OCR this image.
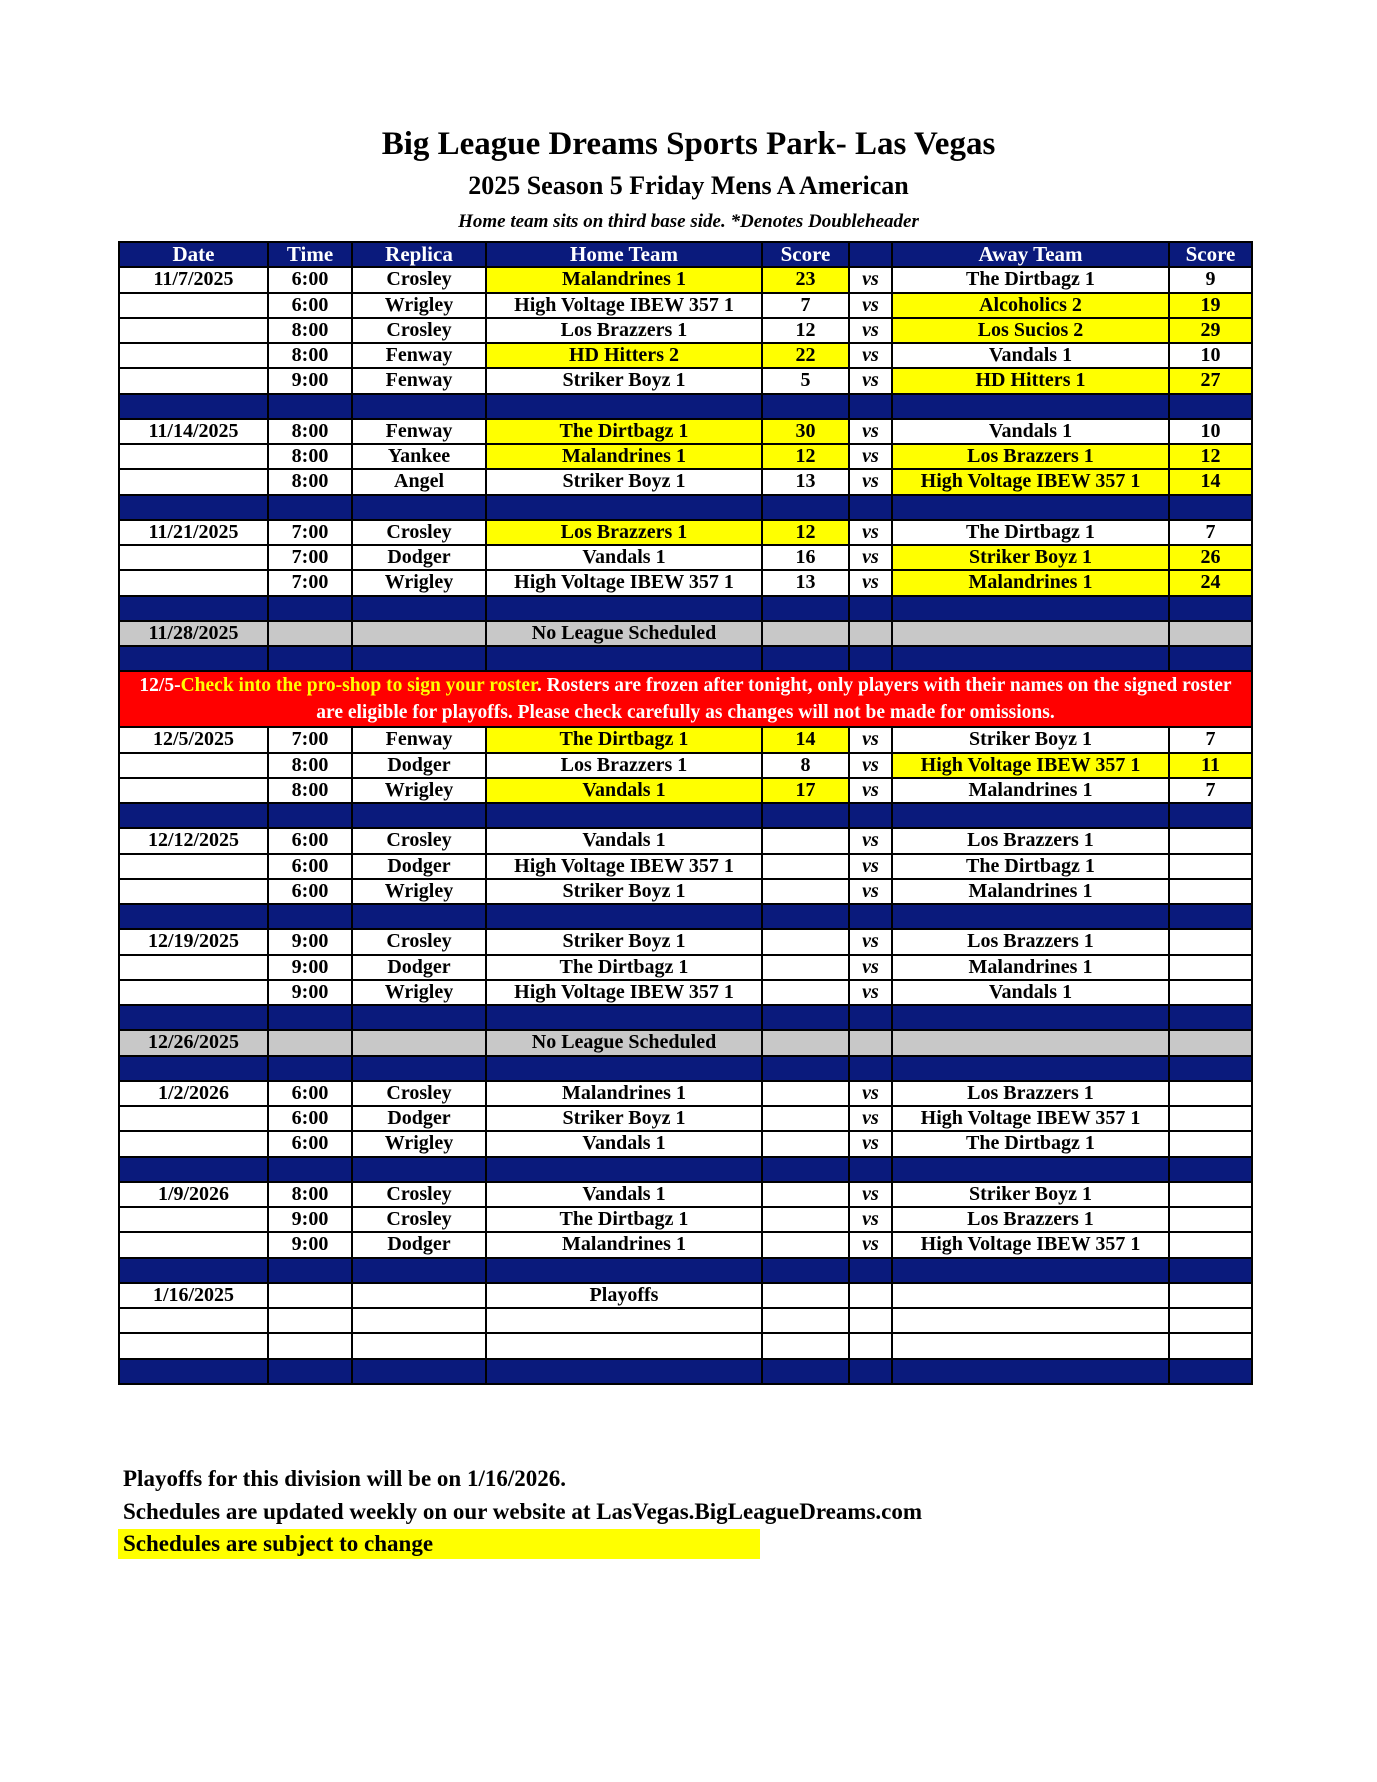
Big League Dreams Sports Park- Las Vegas
2025 Season 5 Friday Mens A American
Home team sits on third base side. *Denotes Doubleheader
Date	Time	Replica	Home Team	Score		Away Team	Score
11/7/2025	6:00	Crosley	Malandrines 1	23	vs	The Dirtbagz 1	9
	6:00	Wrigley	High Voltage IBEW 357 1	7	vs	Alcoholics 2	19
	8:00	Crosley	Los Brazzers 1	12	vs	Los Sucios 2	29
	8:00	Fenway	HD Hitters 2	22	vs	Vandals 1	10
	9:00	Fenway	Striker Boyz 1	5	vs	HD Hitters 1	27

11/14/2025	8:00	Fenway	The Dirtbagz 1	30	vs	Vandals 1	10
	8:00	Yankee	Malandrines 1	12	vs	Los Brazzers 1	12
	8:00	Angel	Striker Boyz 1	13	vs	High Voltage IBEW 357 1	14

11/21/2025	7:00	Crosley	Los Brazzers 1	12	vs	The Dirtbagz 1	7
	7:00	Dodger	Vandals 1	16	vs	Striker Boyz 1	26
	7:00	Wrigley	High Voltage IBEW 357 1	13	vs	Malandrines 1	24

11/28/2025			No League Scheduled				

12/5-Check into the pro-shop to sign your roster. Rosters are frozen after tonight, only players with their names on the signed roster are eligible for playoffs. Please check carefully as changes will not be made for omissions.							
12/5/2025	7:00	Fenway	The Dirtbagz 1	14	vs	Striker Boyz 1	7
	8:00	Dodger	Los Brazzers 1	8	vs	High Voltage IBEW 357 1	11
	8:00	Wrigley	Vandals 1	17	vs	Malandrines 1	7

12/12/2025	6:00	Crosley	Vandals 1		vs	Los Brazzers 1	
	6:00	Dodger	High Voltage IBEW 357 1		vs	The Dirtbagz 1	
	6:00	Wrigley	Striker Boyz 1		vs	Malandrines 1	

12/19/2025	9:00	Crosley	Striker Boyz 1		vs	Los Brazzers 1	
	9:00	Dodger	The Dirtbagz 1		vs	Malandrines 1	
	9:00	Wrigley	High Voltage IBEW 357 1		vs	Vandals 1	

12/26/2025			No League Scheduled				

1/2/2026	6:00	Crosley	Malandrines 1		vs	Los Brazzers 1	
	6:00	Dodger	Striker Boyz 1		vs	High Voltage IBEW 357 1	
	6:00	Wrigley	Vandals 1		vs	The Dirtbagz 1	

1/9/2026	8:00	Crosley	Vandals 1		vs	Striker Boyz 1	
	9:00	Crosley	The Dirtbagz 1		vs	Los Brazzers 1	
	9:00	Dodger	Malandrines 1		vs	High Voltage IBEW 357 1	

1/16/2025			Playoffs				

Playoffs for this division will be on 1/16/2026.
Schedules are updated weekly on our website at LasVegas.BigLeagueDreams.com
Schedules are subject to change
